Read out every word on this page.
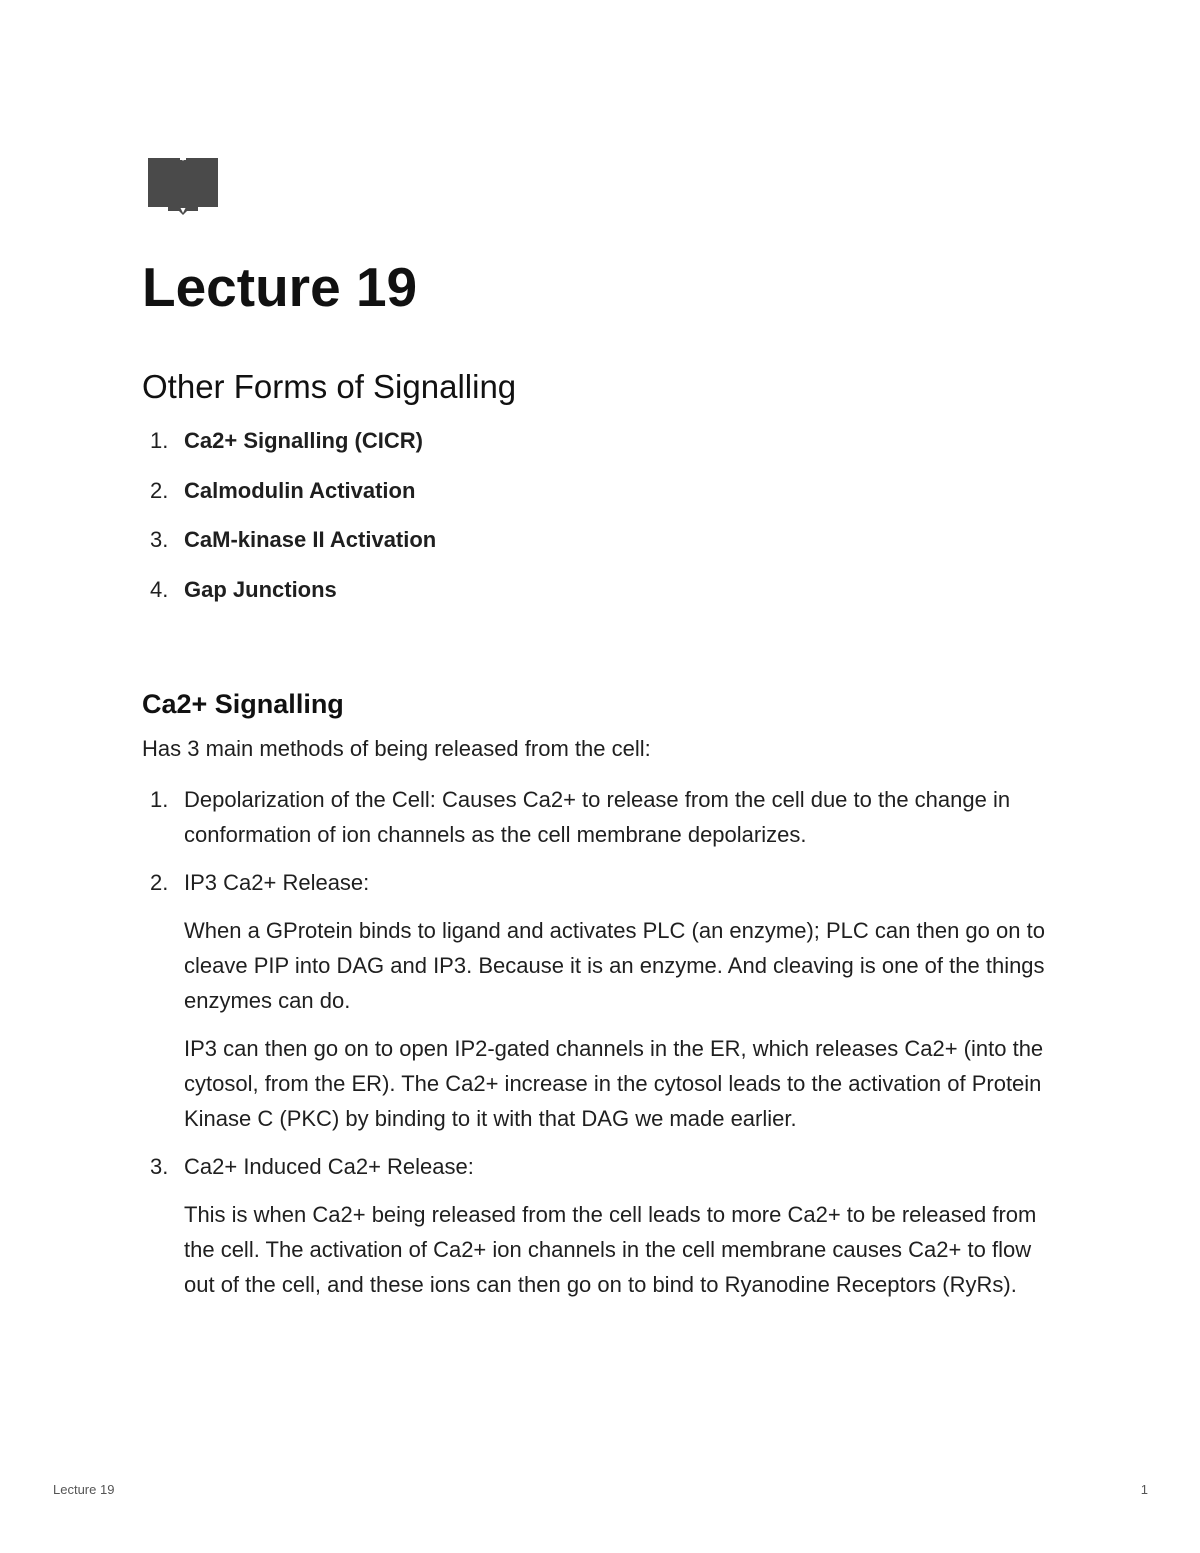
Lecture 19
Other Forms of Signalling
1. Ca2+ Signalling (CICR)
2. Calmodulin Activation
3. CaM-kinase II Activation
4. Gap Junctions
Ca2+ Signalling

Has 3 main methods of being released from the cell:

1. Depolarization of the Cell: Causes Ca2+ to release from the cell due to the change in conformation of ion channels as the cell membrane depolarizes.
2. IP3 Ca2+ Release:

When a GProtein binds to ligand and activates PLC (an enzyme); PLC can then go on to cleave PIP into DAG and IP3. Because it is an enzyme. And cleaving is one of the things enzymes can do.

IP3 can then go on to open IP2-gated channels in the ER, which releases Ca2+ (into the cytosol, from the ER). The Ca2+ increase in the cytosol leads to the activation of Protein Kinase C (PKC) by binding to it with that DAG we made earlier.

3. Ca2+ Induced Ca2+ Release:

This is when Ca2+ being released from the cell leads to more Ca2+ to be released from the cell. The activation of Ca2+ ion channels in the cell membrane causes Ca2+ to flow out of the cell, and these ions can then go on to bind to Ryanodine Receptors (RyRs).

Lecture 19	1
